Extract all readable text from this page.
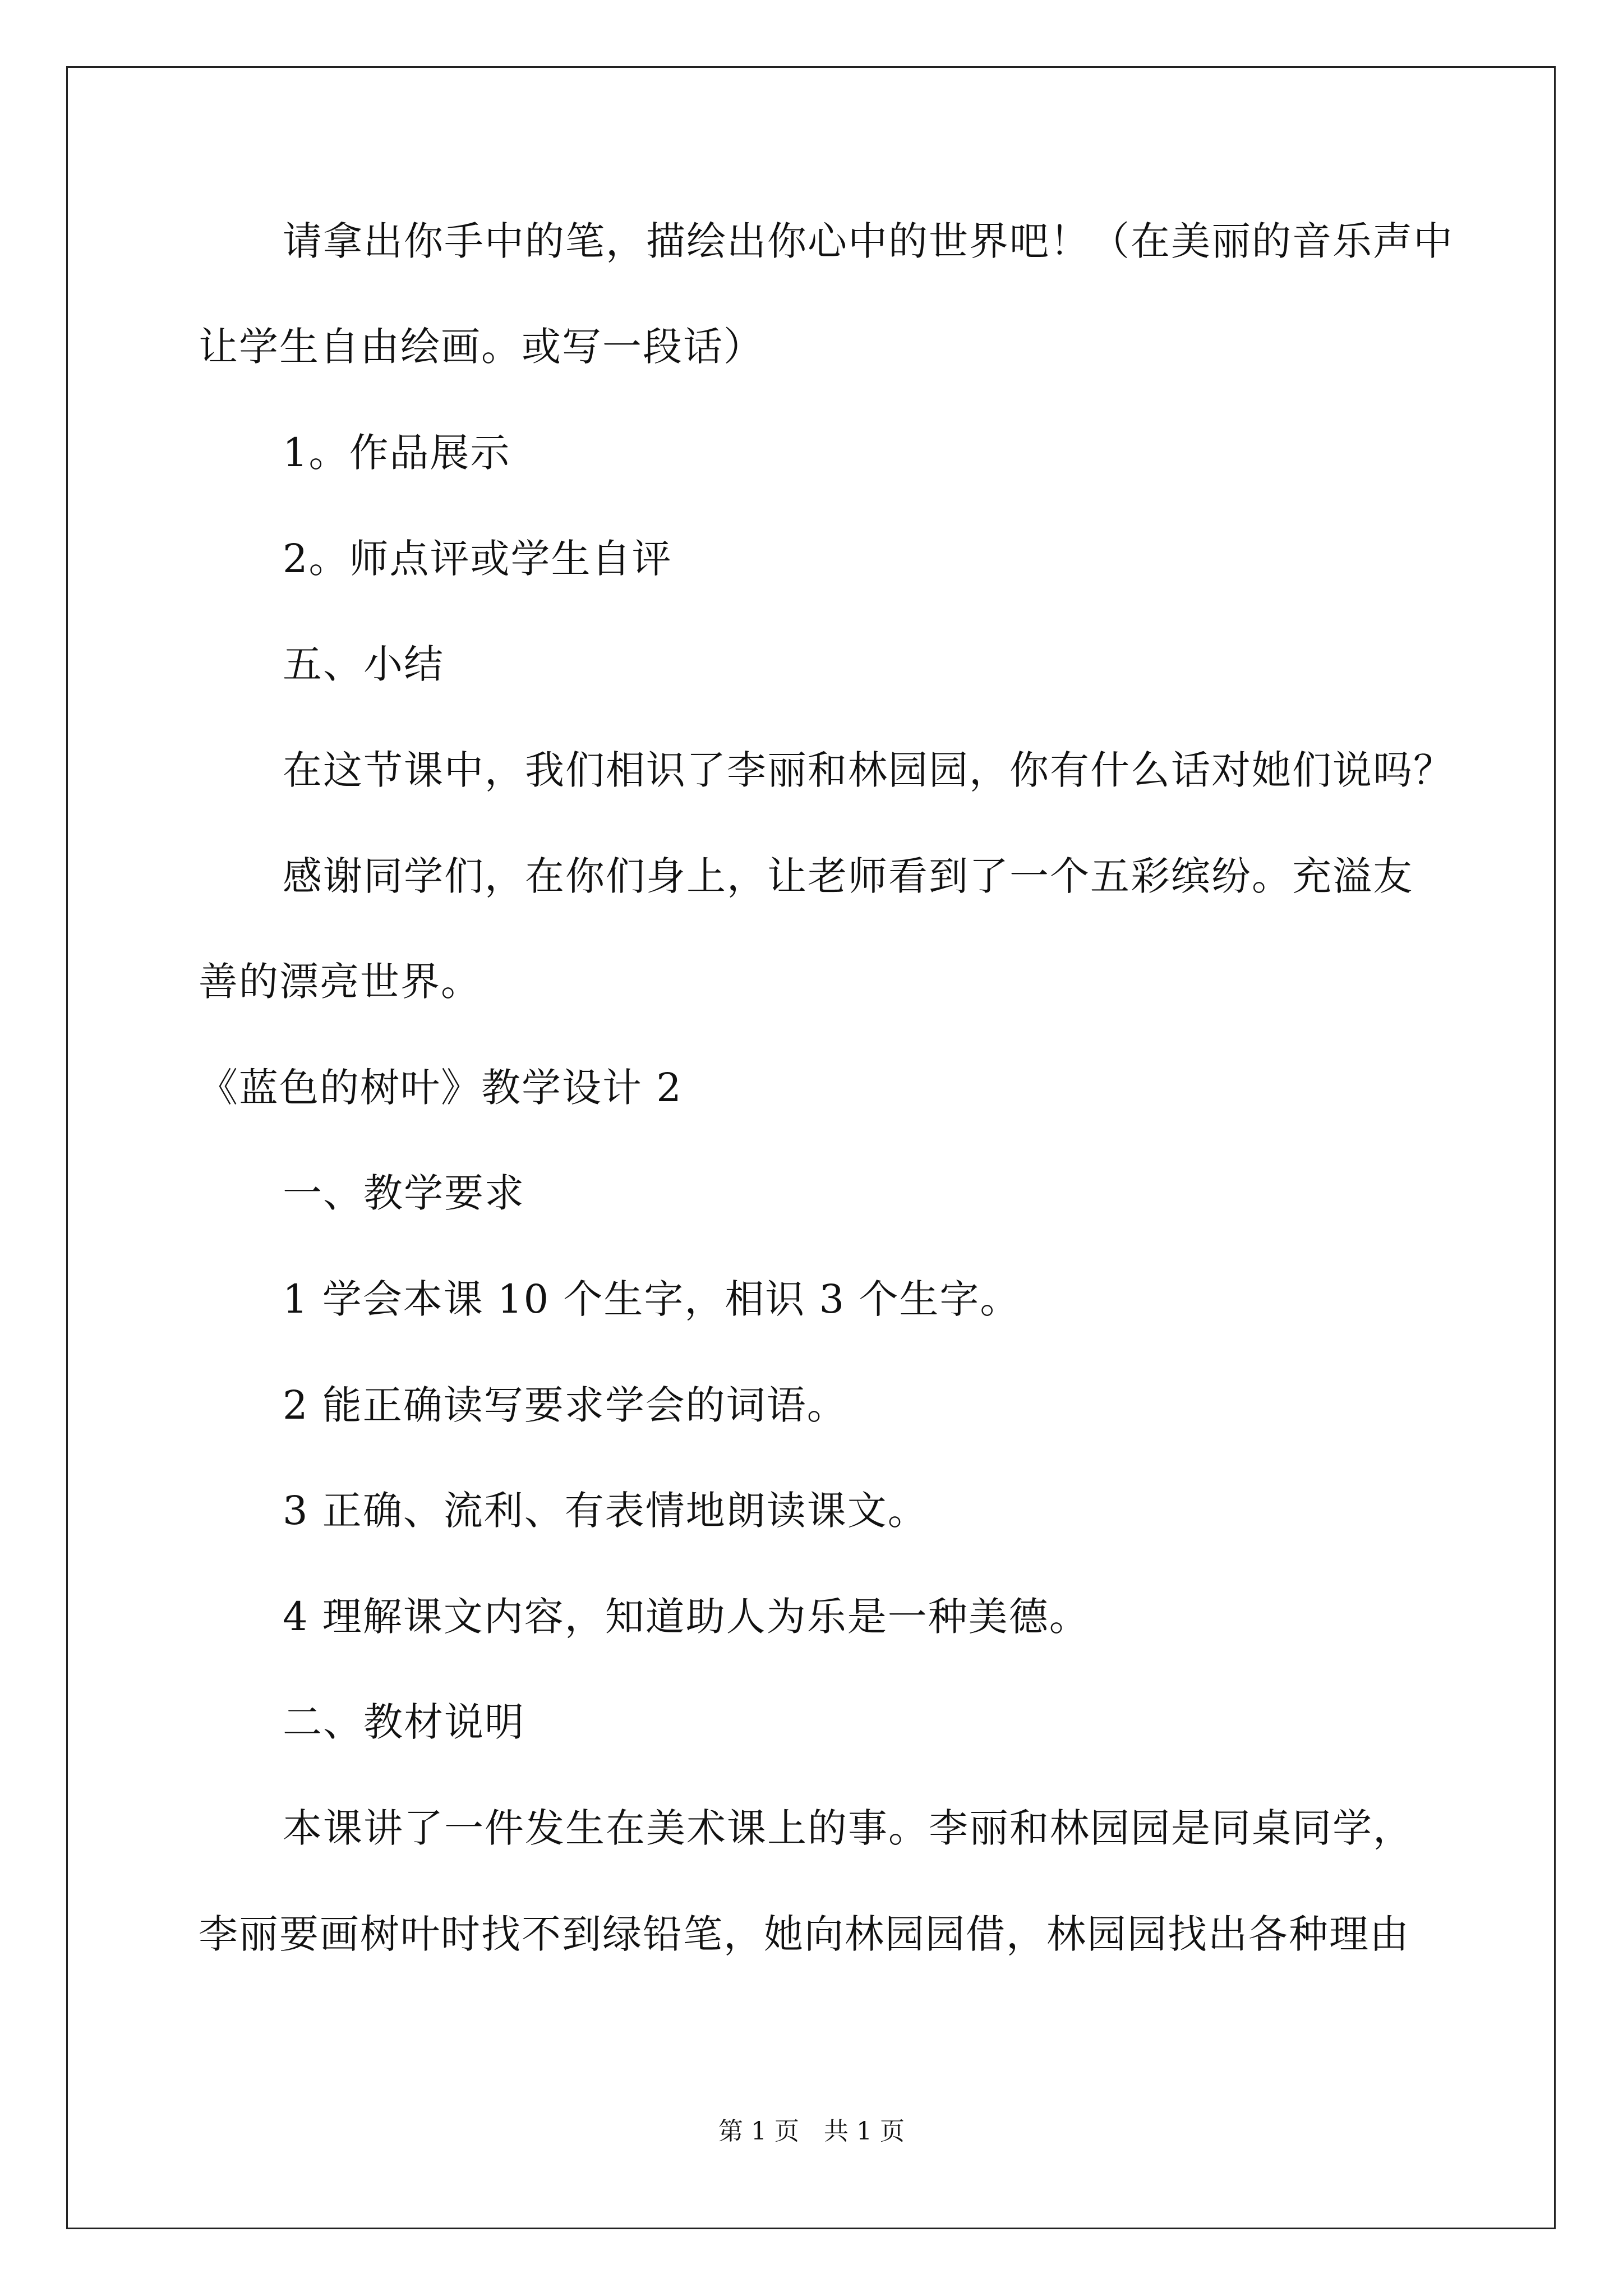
请拿出你手中的笔，描绘出你心中的世界吧！（在美丽的音乐声中
让学生自由绘画。或写一段话）
1。作品展示
2。师点评或学生自评
五、小结
在这节课中，我们相识了李丽和林园园，你有什么话对她们说吗？
感谢同学们，在你们身上，让老师看到了一个五彩缤纷。充溢友
善的漂亮世界。
《蓝色的树叶》教学设计 2
一、教学要求
1 学会本课 10 个生字，相识 3 个生字。
2 能正确读写要求学会的词语。
3 正确、流利、有表情地朗读课文。
4 理解课文内容，知道助人为乐是一种美德。
二、教材说明
本课讲了一件发生在美术课上的事。李丽和林园园是同桌同学，
李丽要画树叶时找不到绿铅笔，她向林园园借，林园园找出各种理由
第 1 页　共 1 页
